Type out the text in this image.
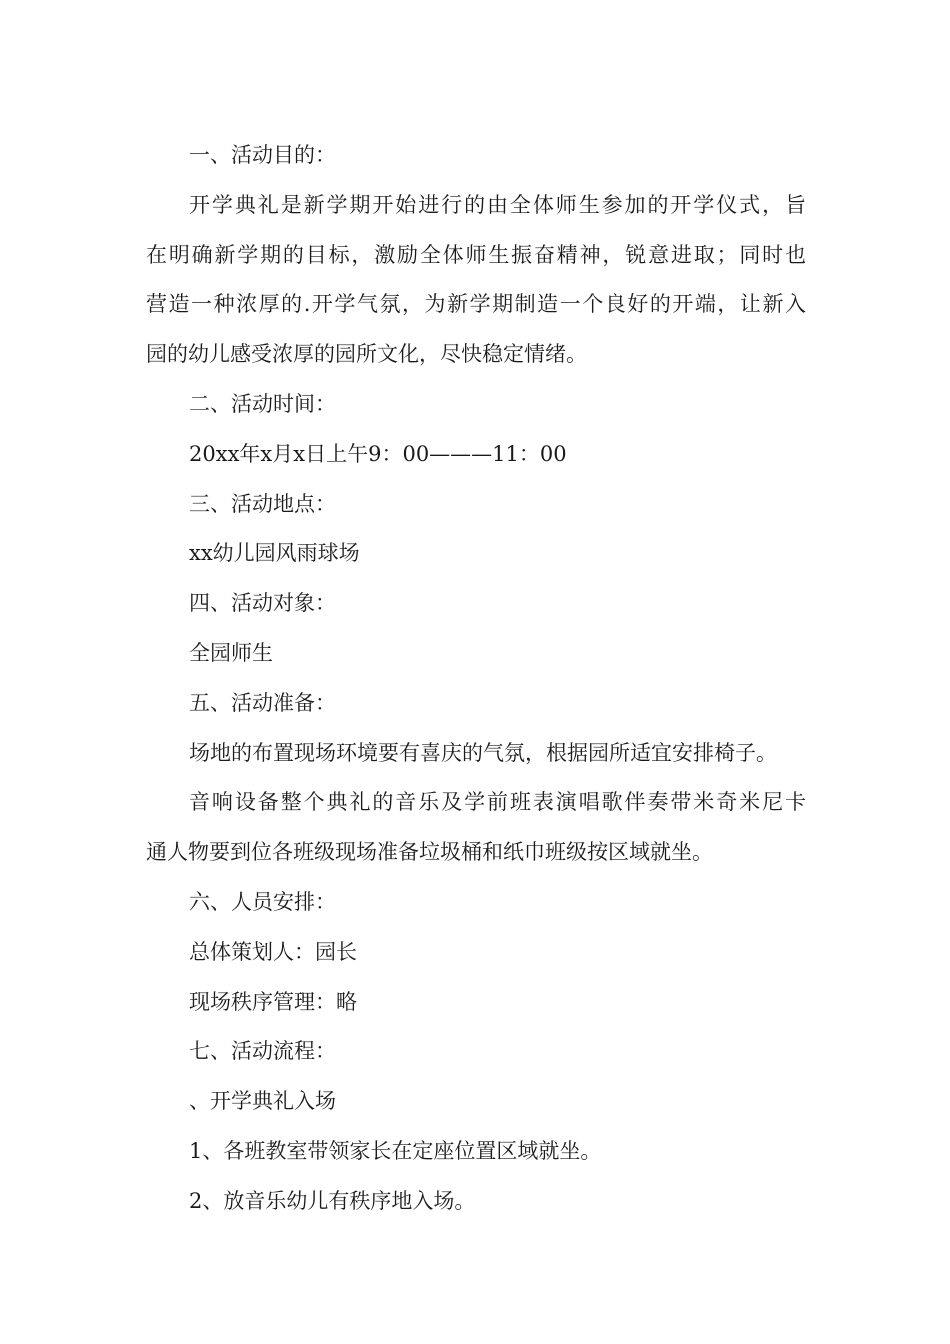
一、活动目的：

开学典礼是新学期开始进行的由全体师生参加的开学仪式，旨

在明确新学期的目标，激励全体师生振奋精神，锐意进取；同时也

营造一种浓厚的.开学气氛，为新学期制造一个良好的开端，让新入

园的幼儿感受浓厚的园所文化，尽快稳定情绪。

二、活动时间：

20xx年x月x日上午9：00———11：00

三、活动地点：

xx幼儿园风雨球场

四、活动对象：

全园师生

五、活动准备：

场地的布置现场环境要有喜庆的气氛，根据园所适宜安排椅子。

音响设备整个典礼的音乐及学前班表演唱歌伴奏带米奇米尼卡

通人物要到位各班级现场准备垃圾桶和纸巾班级按区域就坐。

六、人员安排：

总体策划人：园长

现场秩序管理：略

七、活动流程：

、开学典礼入场

1、各班教室带领家长在定座位置区域就坐。

2、放音乐幼儿有秩序地入场。
